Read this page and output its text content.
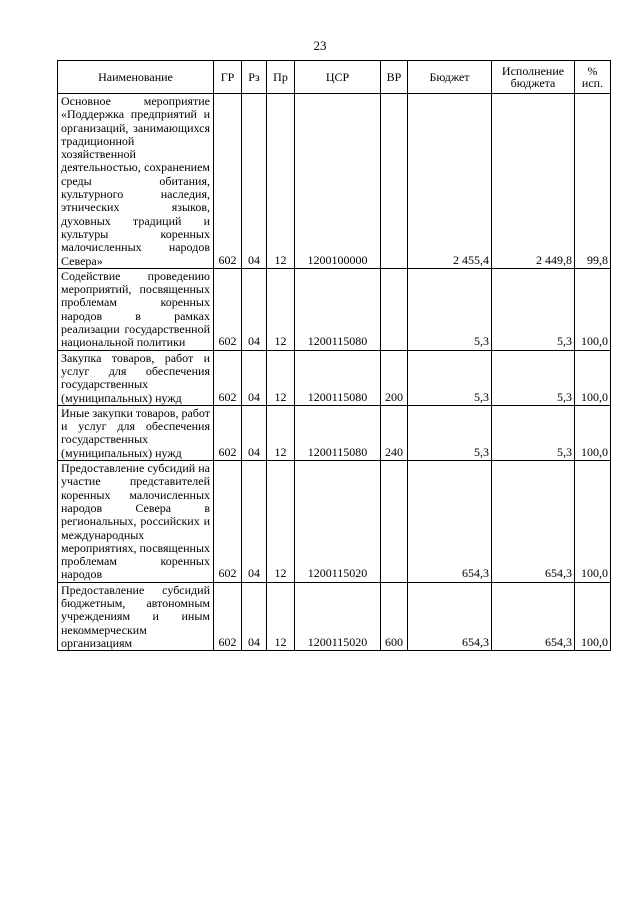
23
Наименование	ГР	Рз	Пр	ЦСР	ВР	Бюджет	Исполнение бюджета	% исп.
Основное мероприятие «Поддержка предприятий и организаций, занимающихся традиционной хозяйственной деятельностью, сохранением среды обитания, культурного наследия, этнических языков, духовных традиций и культуры коренных малочисленных народов Севера»	602	04	12	1200100000		2 455,4	2 449,8	99,8
Содействие проведению мероприятий, посвященных проблемам коренных народов в рамках реализации государственной национальной политики	602	04	12	1200115080		5,3	5,3	100,0
Закупка товаров, работ и услуг для обеспечения государственных (муниципальных) нужд	602	04	12	1200115080	200	5,3	5,3	100,0
Иные закупки товаров, работ и услуг для обеспечения государственных (муниципальных) нужд	602	04	12	1200115080	240	5,3	5,3	100,0
Предоставление субсидий на участие представителей коренных малочисленных народов Севера в региональных, российских и международных мероприятиях, посвященных проблемам коренных народов	602	04	12	1200115020		654,3	654,3	100,0
Предоставление субсидий бюджетным, автономным учреждениям и иным некоммерческим организациям	602	04	12	1200115020	600	654,3	654,3	100,0
